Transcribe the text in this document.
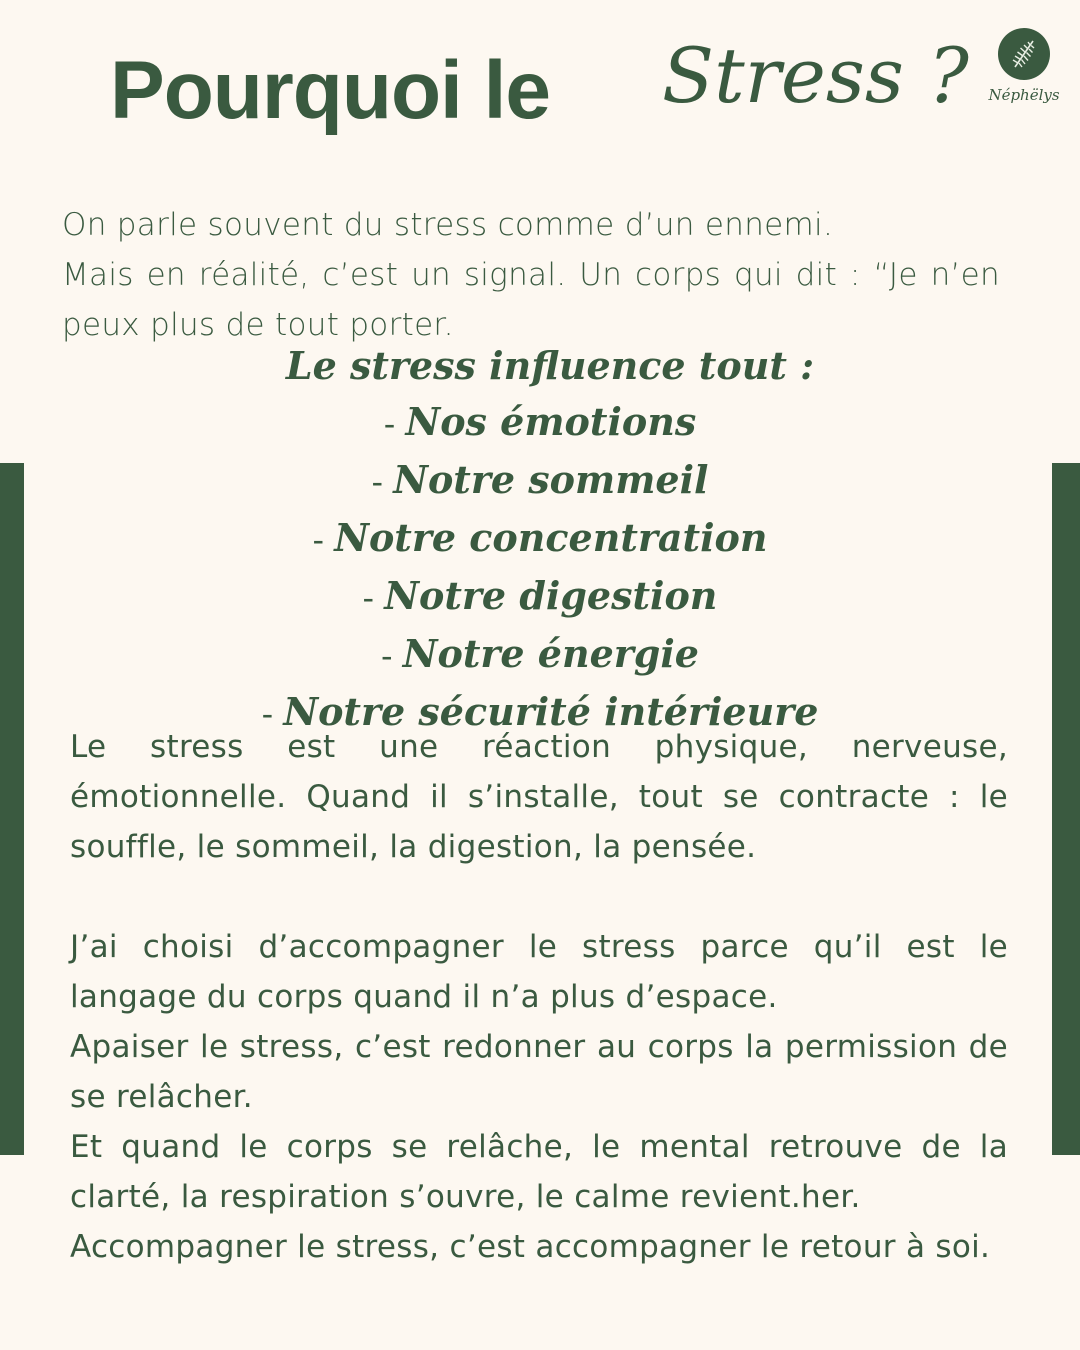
Pourquoi le Stress ? Néphëlys

On parle souvent du stress comme d’un ennemi.

Mais en réalité, c’est un signal. Un corps qui dit : “Je n’en peux plus de tout porter.

Le stress influence tout :
- Nos émotions
- Notre sommeil
- Notre concentration
- Notre digestion
- Notre énergie
- Notre sécurité intérieure

Le stress est une réaction physique, nerveuse, émotionnelle. Quand il s’installe, tout se contracte : le souffle, le sommeil, la digestion, la pensée.

J’ai choisi d’accompagner le stress parce qu’il est le langage du corps quand il n’a plus d’espace.

Apaiser le stress, c’est redonner au corps la permission de se relâcher.

Et quand le corps se relâche, le mental retrouve de la clarté, la respiration s’ouvre, le calme revient.her.

Accompagner le stress, c’est accompagner le retour à soi.
